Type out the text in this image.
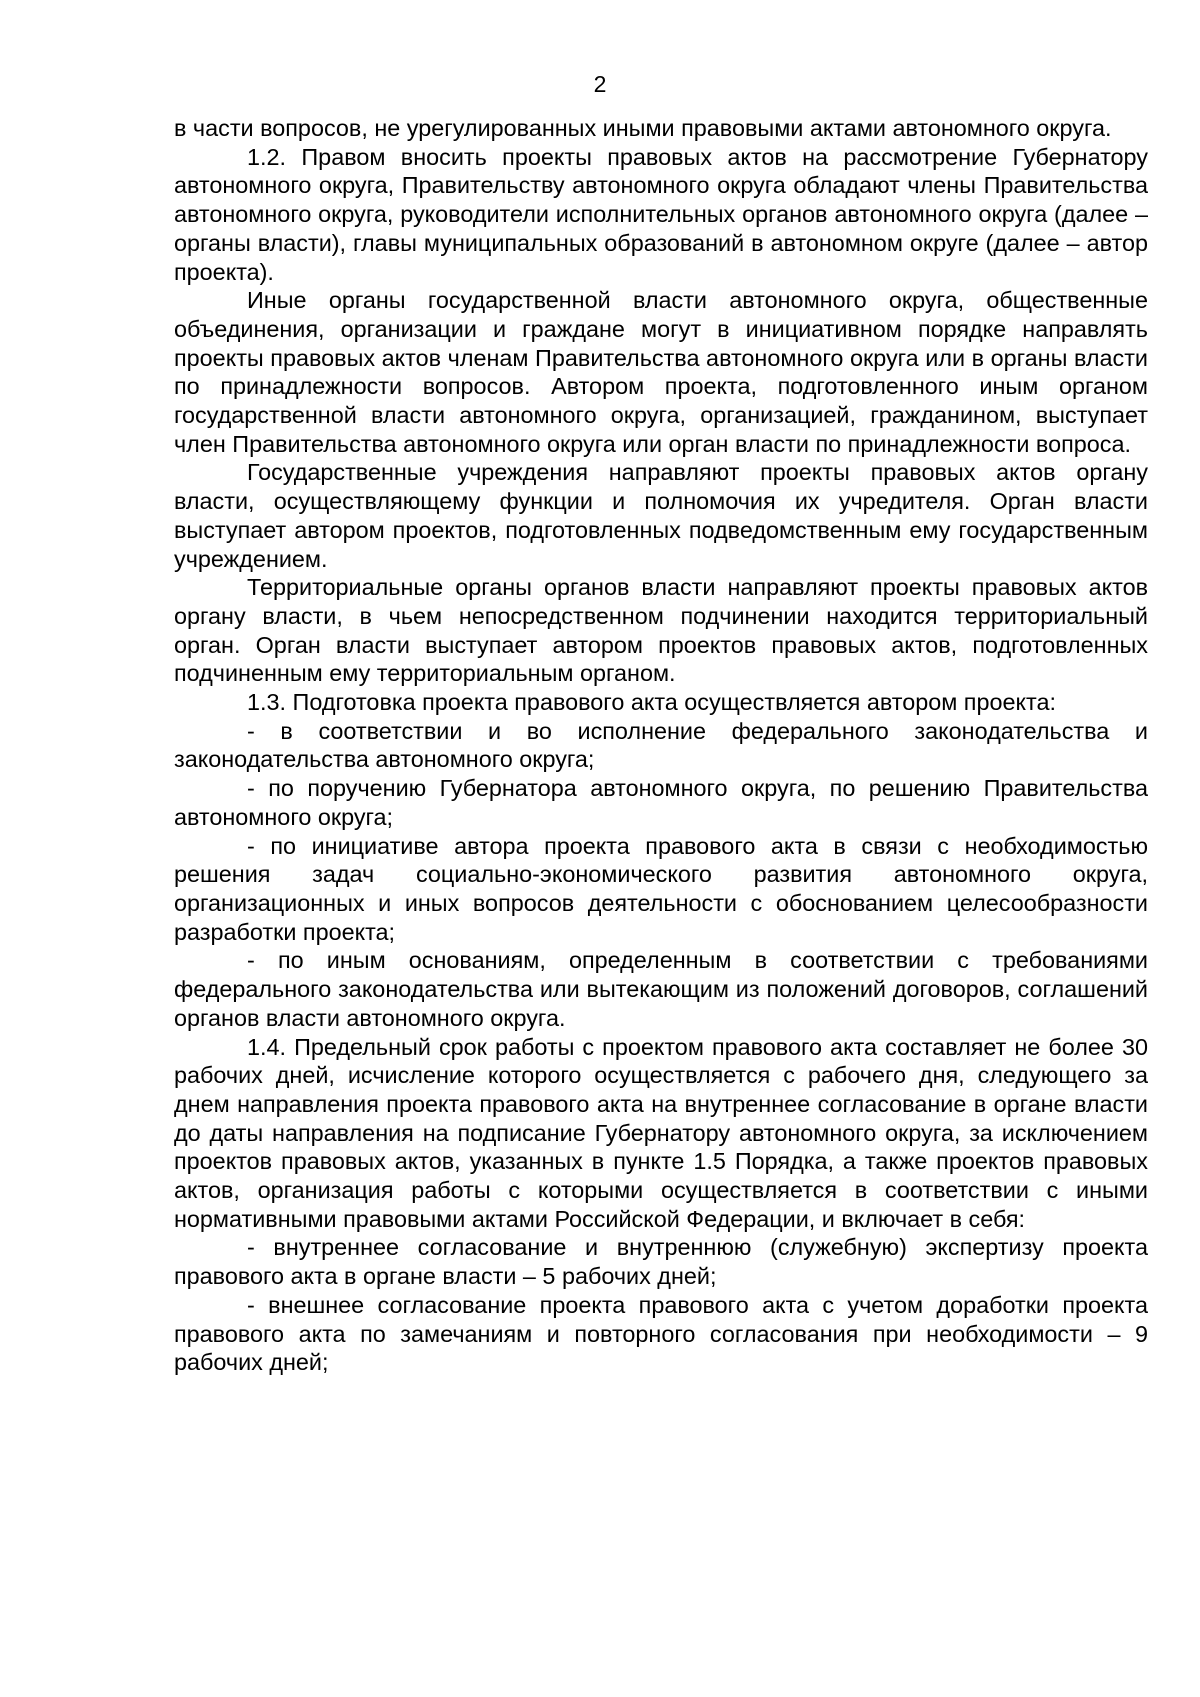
2

в части вопросов, не урегулированных иными правовыми актами автономного округа.

1.2. Правом вносить проекты правовых актов на рассмотрение Губернатору автономного округа, Правительству автономного округа обладают члены Правительства автономного округа, руководители исполнительных органов автономного округа (далее – органы власти), главы муниципальных образований в автономном округе (далее – автор проекта).

Иные органы государственной власти автономного округа, общественные объединения, организации и граждане могут в инициативном порядке направлять проекты правовых актов членам Правительства автономного округа или в органы власти по принадлежности вопросов. Автором проекта, подготовленного иным органом государственной власти автономного округа, организацией, гражданином, выступает член Правительства автономного округа или орган власти по принадлежности вопроса.

Государственные учреждения направляют проекты правовых актов органу власти, осуществляющему функции и полномочия их учредителя. Орган власти выступает автором проектов, подготовленных подведомственным ему государственным учреждением.

Территориальные органы органов власти направляют проекты правовых актов органу власти, в чьем непосредственном подчинении находится территориальный орган. Орган власти выступает автором проектов правовых актов, подготовленных подчиненным ему территориальным органом.

1.3. Подготовка проекта правового акта осуществляется автором проекта:

- в соответствии и во исполнение федерального законодательства и законодательства автономного округа;

- по поручению Губернатора автономного округа, по решению Правительства автономного округа;

- по инициативе автора проекта правового акта в связи с необходимостью решения задач социально-экономического развития автономного округа, организационных и иных вопросов деятельности с обоснованием целесообразности разработки проекта;

- по иным основаниям, определенным в соответствии с требованиями федерального законодательства или вытекающим из положений договоров, соглашений органов власти автономного округа.

1.4. Предельный срок работы с проектом правового акта составляет не более 30 рабочих дней, исчисление которого осуществляется с рабочего дня, следующего за днем направления проекта правового акта на внутреннее согласование в органе власти до даты направления на подписание Губернатору автономного округа, за исключением проектов правовых актов, указанных в пункте 1.5 Порядка, а также проектов правовых актов, организация работы с которыми осуществляется в соответствии с иными нормативными правовыми актами Российской Федерации, и включает в себя:

- внутреннее согласование и внутреннюю (служебную) экспертизу проекта правового акта в органе власти – 5 рабочих дней;

- внешнее согласование проекта правового акта с учетом доработки проекта правового акта по замечаниям и повторного согласования при необходимости – 9 рабочих дней;
